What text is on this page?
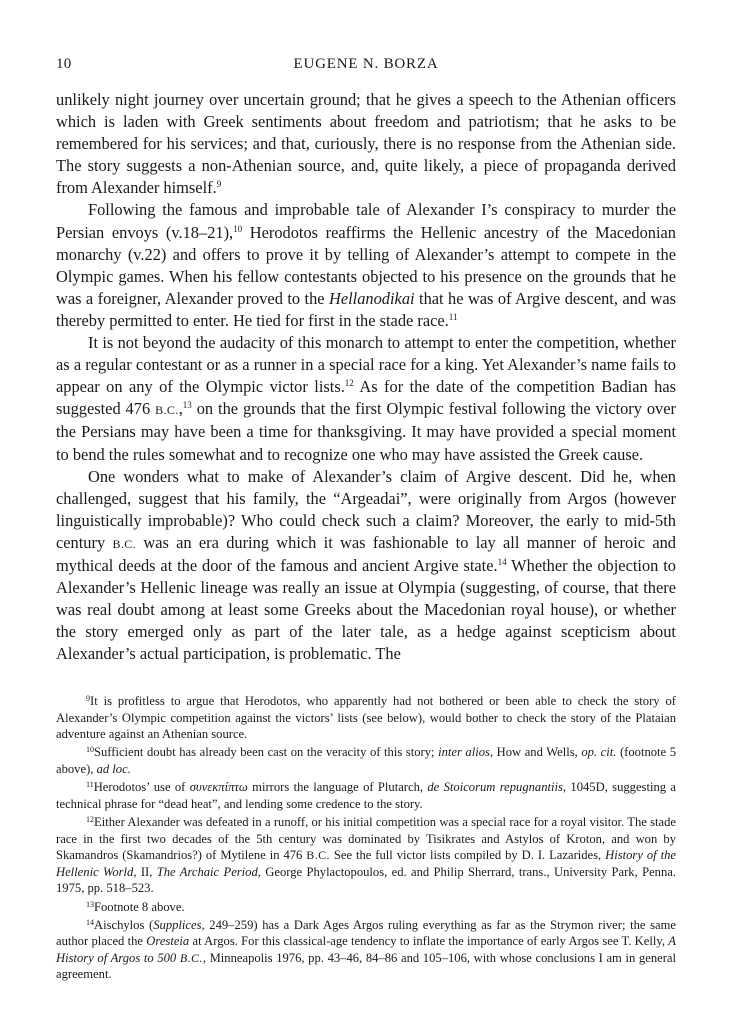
10	EUGENE N. BORZA

unlikely night journey over uncertain ground; that he gives a speech to the Athenian officers which is laden with Greek sentiments about freedom and patriotism; that he asks to be remembered for his services; and that, curiously, there is no response from the Athenian side. The story suggests a non-Athenian source, and, quite likely, a piece of propaganda derived from Alexander himself.$^9$

Following the famous and improbable tale of Alexander I’s conspiracy to murder the Persian envoys (v.18–21),$^{10}$ Herodotos reaffirms the Hellenic ancestry of the Macedonian monarchy (v.22) and offers to prove it by telling of Alexander’s attempt to compete in the Olympic games. When his fellow contestants objected to his presence on the grounds that he was a foreigner, Alexander proved to the Hellanodikai that he was of Argive descent, and was thereby permitted to enter. He tied for first in the stade race.$^{11}$

It is not beyond the audacity of this monarch to attempt to enter the competition, whether as a regular contestant or as a runner in a special race for a king. Yet Alexander’s name fails to appear on any of the Olympic victor lists.$^{12}$ As for the date of the competition Badian has suggested 476 B.C.,$^{13}$ on the grounds that the first Olympic festival following the victory over the Persians may have been a time for thanksgiving. It may have provided a special moment to bend the rules somewhat and to recognize one who may have assisted the Greek cause.

One wonders what to make of Alexander’s claim of Argive descent. Did he, when challenged, suggest that his family, the “Argeadai”, were originally from Argos (however linguistically improbable)? Who could check such a claim? Moreover, the early to mid-5th century B.C. was an era during which it was fashionable to lay all manner of heroic and mythical deeds at the door of the famous and ancient Argive state.$^{14}$ Whether the objection to Alexander’s Hellenic lineage was really an issue at Olympia (suggesting, of course, that there was real doubt among at least some Greeks about the Macedonian royal house), or whether the story emerged only as part of the later tale, as a hedge against scepticism about Alexander’s actual participation, is problematic. The

$^9$It is profitless to argue that Herodotos, who apparently had not bothered or been able to check the story of Alexander’s Olympic competition against the victors’ lists (see below), would bother to check the story of the Plataian adventure against an Athenian source.

$^{10}$Sufficient doubt has already been cast on the veracity of this story; inter alios, How and Wells, op. cit. (footnote 5 above), ad loc.

$^{11}$Herodotos’ use of συνεκπίπτω mirrors the language of Plutarch, de Stoicorum repugnantiis, 1045D, suggesting a technical phrase for “dead heat”, and lending some credence to the story.

$^{12}$Either Alexander was defeated in a runoff, or his initial competition was a special race for a royal visitor. The stade race in the first two decades of the 5th century was dominated by Tisikrates and Astylos of Kroton, and won by Skamandros (Skamandrios?) of Mytilene in 476 B.C. See the full victor lists compiled by D. I. Lazarides, History of the Hellenic World, II, The Archaic Period, George Phylactopoulos, ed. and Philip Sherrard, trans., University Park, Penna. 1975, pp. 518–523.

$^{13}$Footnote 8 above.

$^{14}$Aischylos (Supplices, 249–259) has a Dark Ages Argos ruling everything as far as the Strymon river; the same author placed the Oresteia at Argos. For this classical-age tendency to inflate the importance of early Argos see T. Kelly, A History of Argos to 500 B.C., Minneapolis 1976, pp. 43–46, 84–86 and 105–106, with whose conclusions I am in general agreement.
